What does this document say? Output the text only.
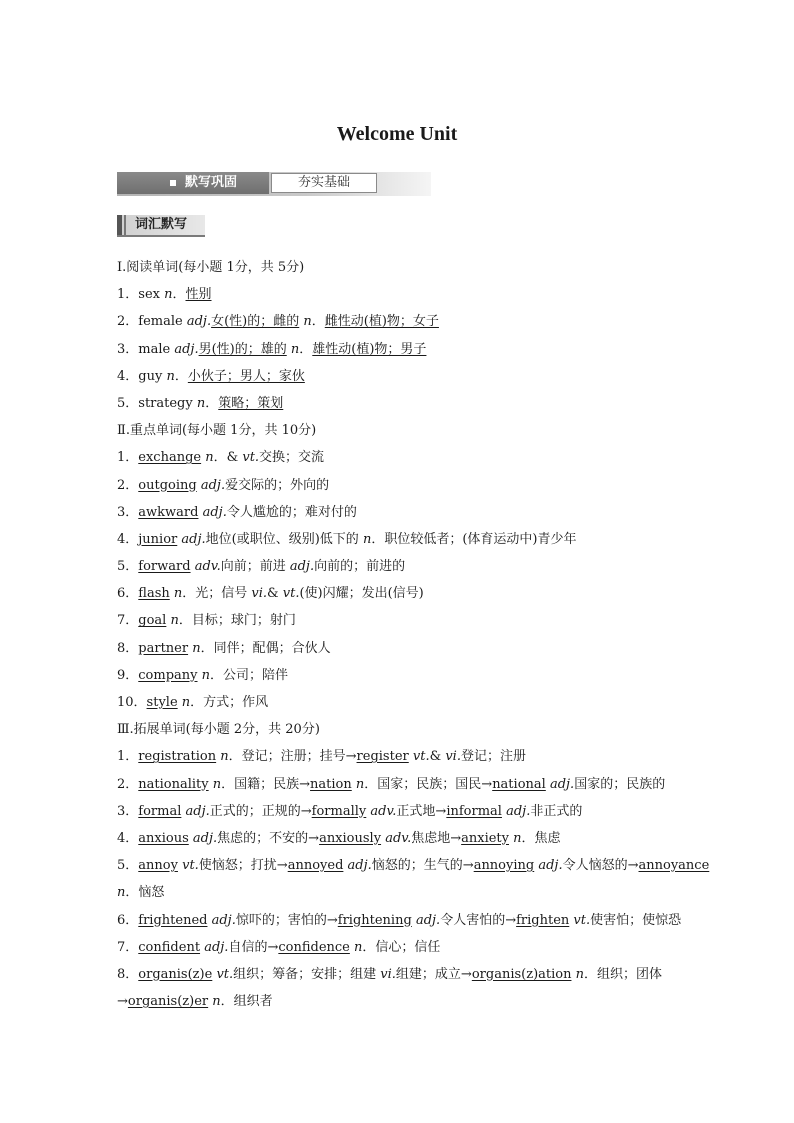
Welcome Unit
默写巩固	夯实基础
词汇默写
Ⅰ.阅读单词(每小题 1分，共 5分)
1．sex n．性别
2．female adj.女(性)的；雌的 n．雌性动(植)物；女子
3．male adj.男(性)的；雄的 n．雄性动(植)物；男子
4．guy n．小伙子；男人；家伙
5．strategy n．策略；策划
Ⅱ.重点单词(每小题 1分，共 10分)
1．exchange n．& vt.交换；交流
2．outgoing adj.爱交际的；外向的
3．awkward adj.令人尴尬的；难对付的
4．junior adj.地位(或职位、级别)低下的 n．职位较低者；(体育运动中)青少年
5．forward adv.向前；前进 adj.向前的；前进的
6．flash n．光；信号 vi.& vt.(使)闪耀；发出(信号)
7．goal n．目标；球门；射门
8．partner n．同伴；配偶；合伙人
9．company n．公司；陪伴
10．style n．方式；作风
Ⅲ.拓展单词(每小题 2分，共 20分)
1．registration n．登记；注册；挂号→register vt.& vi.登记；注册
2．nationality n．国籍；民族→nation n．国家；民族；国民→national adj.国家的；民族的
3．formal adj.正式的；正规的→formally adv.正式地→informal adj.非正式的
4．anxious adj.焦虑的；不安的→anxiously adv.焦虑地→anxiety n．焦虑
5．annoy vt.使恼怒；打扰→annoyed adj.恼怒的；生气的→annoying adj.令人恼怒的→annoyance
n．恼怒
6．frightened adj.惊吓的；害怕的→frightening adj.令人害怕的→frighten vt.使害怕；使惊恐
7．confident adj.自信的→confidence n．信心；信任
8．organis(z)e vt.组织；筹备；安排；组建 vi.组建；成立→organis(z)ation n．组织；团体
→organis(z)er n．组织者
